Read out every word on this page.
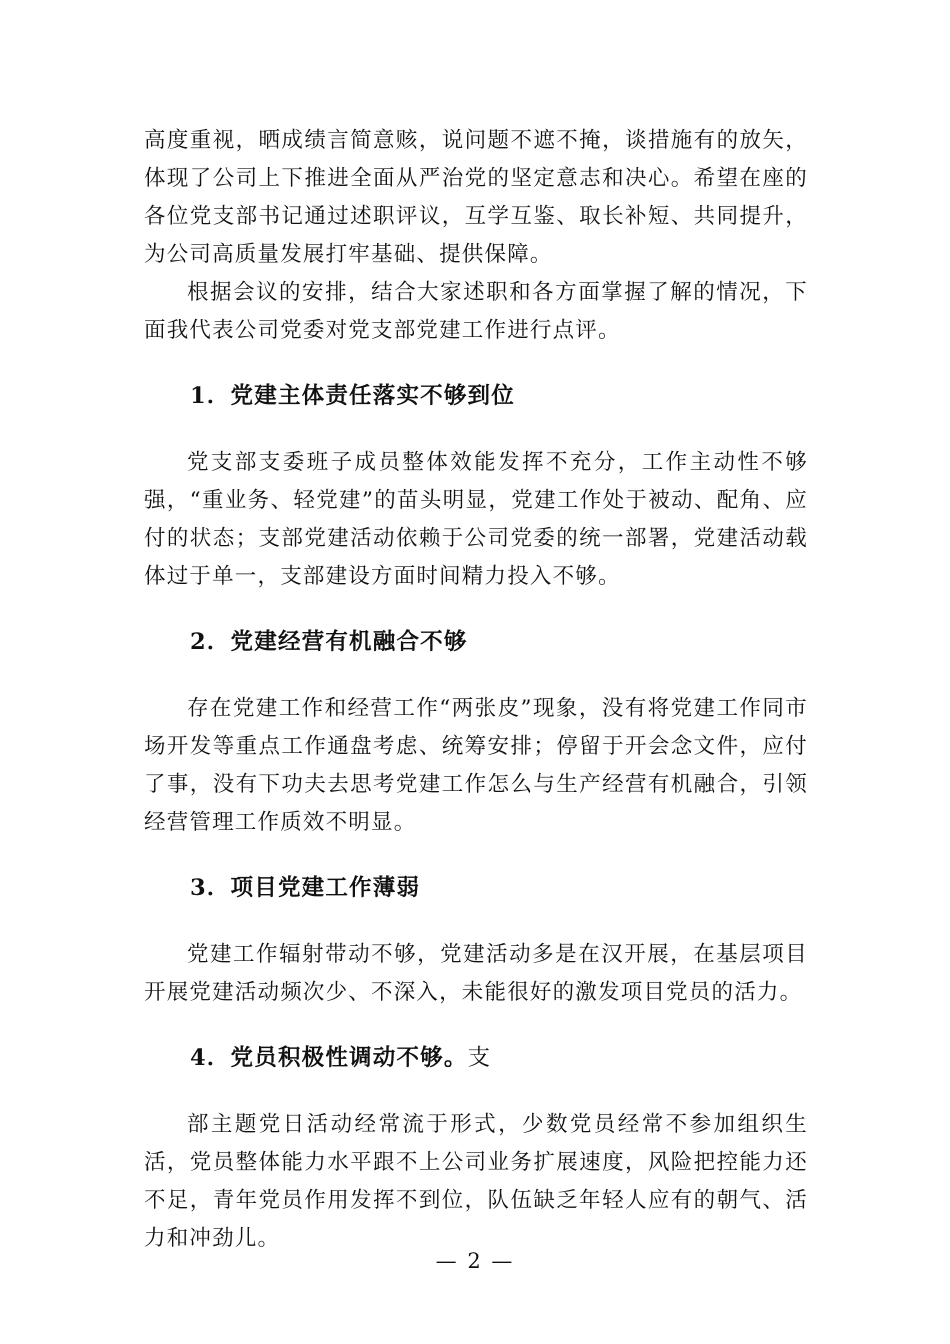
高度重视，晒成绩言简意赅，说问题不遮不掩，谈措施有的放矢，体现了公司上下推进全面从严治党的坚定意志和决心。希望在座的各位党支部书记通过述职评议，互学互鉴、取长补短、共同提升，为公司高质量发展打牢基础、提供保障。

根据会议的安排，结合大家述职和各方面掌握了解的情况，下面我代表公司党委对党支部党建工作进行点评。

1．党建主体责任落实不够到位

党支部支委班子成员整体效能发挥不充分，工作主动性不够强，“重业务、轻党建”的苗头明显，党建工作处于被动、配角、应付的状态；支部党建活动依赖于公司党委的统一部署，党建活动载体过于单一，支部建设方面时间精力投入不够。

2．党建经营有机融合不够

存在党建工作和经营工作“两张皮”现象，没有将党建工作同市场开发等重点工作通盘考虑、统筹安排；停留于开会念文件，应付了事，没有下功夫去思考党建工作怎么与生产经营有机融合，引领经营管理工作质效不明显。

3．项目党建工作薄弱

党建工作辐射带动不够，党建活动多是在汉开展，在基层项目开展党建活动频次少、不深入，未能很好的激发项目党员的活力。

4．党员积极性调动不够。支

部主题党日活动经常流于形式，少数党员经常不参加组织生活，党员整体能力水平跟不上公司业务扩展速度，风险把控能力还不足，青年党员作用发挥不到位，队伍缺乏年轻人应有的朝气、活力和冲劲儿。

— 2 —
